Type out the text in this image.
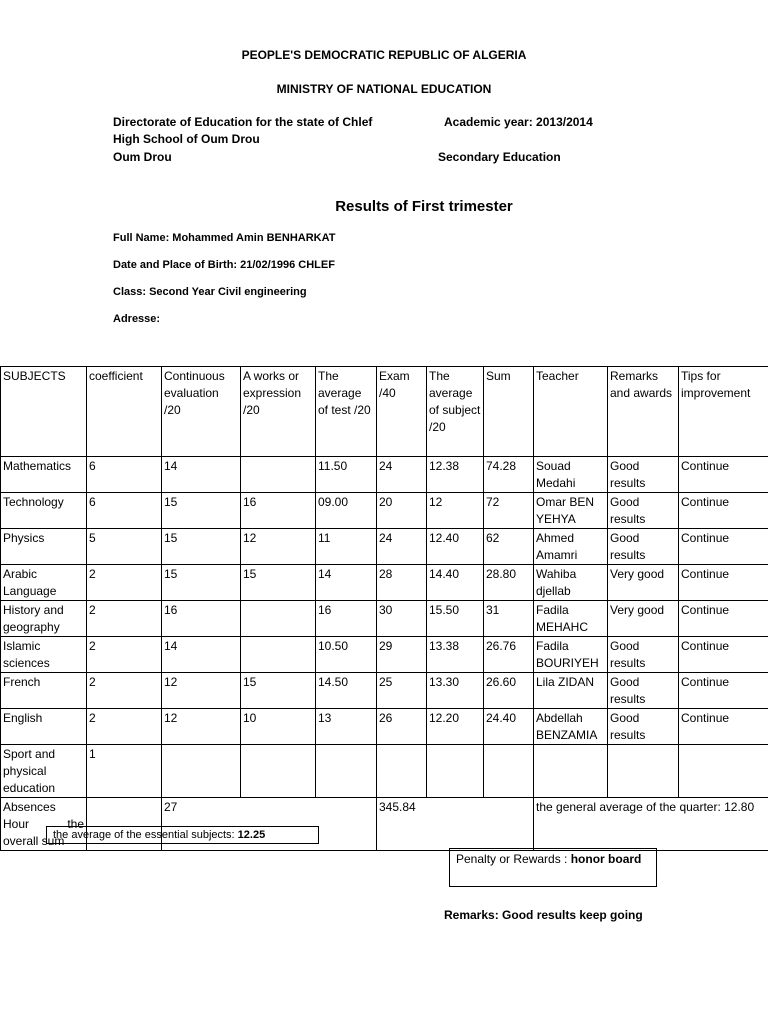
PEOPLE'S DEMOCRATIC REPUBLIC OF ALGERIA
MINISTRY OF NATIONAL EDUCATION
Directorate of Education for the state of Chlef
High School of Oum Drou
Oum Drou
Academic year: 2013/2014
Secondary Education
Results of First trimester
Full Name: Mohammed Amin BENHARKAT
Date and Place of Birth: 21/02/1996 CHLEF
Class: Second Year Civil engineering
Adresse:
SUBJECTS	coefficient	Continuous evaluation /20	A works or expression /20	The average of test /20	Exam /40	The average of subject /20	Sum	Teacher	Remarks and awards	Tips for improvement
Mathematics	6	14		11.50	24	12.38	74.28	Souad Medahi	Good results	Continue
Technology	6	15	16	09.00	20	12	72	Omar BEN YEHYA	Good results	Continue
Physics	5	15	12	11	24	12.40	62	Ahmed Amamri	Good results	Continue
Arabic Language	2	15	15	14	28	14.40	28.80	Wahiba djellab	Very good	Continue
History and geography	2	16		16	30	15.50	31	Fadila MEHAHC	Very good	Continue
Islamic sciences	2	14		10.50	29	13.38	26.76	Fadila BOURIYEH	Good results	Continue
French	2	12	15	14.50	25	13.30	26.60	Lila ZIDAN	Good results	Continue
English	2	12	10	13	26	12.20	24.40	Abdellah BENZAMIA	Good results	Continue
Sport and physical education	1									
Absences Hour the overall sum		27			345.84			the general average of the quarter: 12.80		
the average of the essential subjects: 12.25
Penalty or Rewards : honor board
Remarks: Good results keep going
